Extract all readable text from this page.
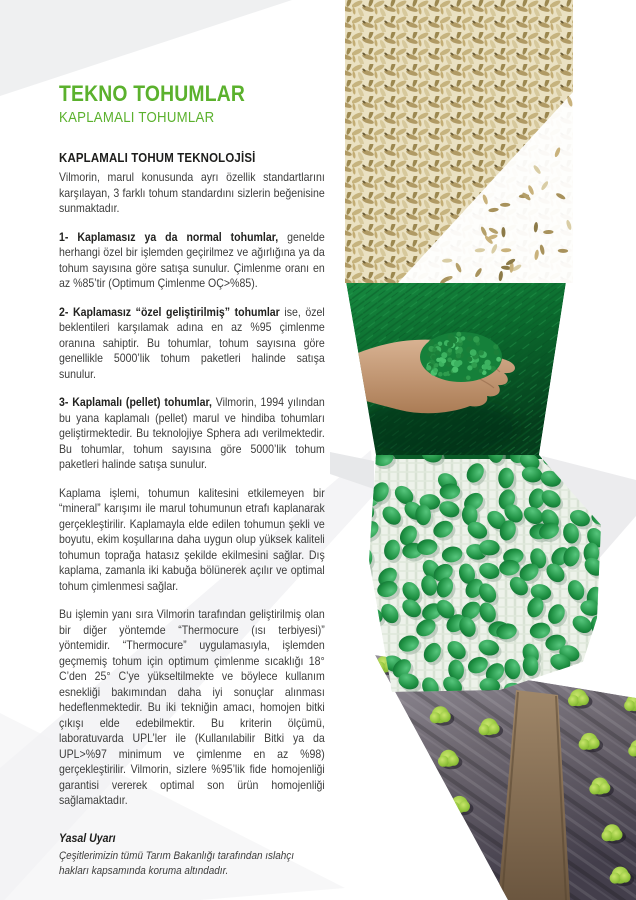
TEKNO TOHUMLAR
KAPLAMALI TOHUMLAR
KAPLAMALI TOHUM TEKNOLOJİSİ

Vilmorin, marul konusunda ayrı özellik standartlarını karşılayan, 3 farklı tohum standardını sizlerin beğenisine sunmaktadır.

1- Kaplamasız ya da normal tohumlar, genelde herhangi özel bir işlemden geçirilmez ve ağırlığına ya da tohum sayısına göre satışa sunulur. Çimlenme oranı en az %85’tir (Optimum Çimlenme OÇ>%85).

2- Kaplamasız “özel geliştirilmiş” tohumlar ise, özel beklentileri karşılamak adına en az %95 çimlenme oranına sahiptir. Bu tohumlar, tohum sayısına göre genellikle 5000’lik tohum paketleri halinde satışa sunulur.

3- Kaplamalı (pellet) tohumlar, Vilmorin, 1994 yılından bu yana kaplamalı (pellet) marul ve hindiba tohumları geliştirmektedir. Bu teknolojiye Sphera adı verilmektedir. Bu tohumlar, tohum sayısına göre 5000’lik tohum paketleri halinde satışa sunulur.

Kaplama işlemi, tohumun kalitesini etkilemeyen bir “mineral” karışımı ile marul tohumunun etrafı kaplanarak gerçekleştirilir. Kaplamayla elde edilen tohumun şekli ve boyutu, ekim koşullarına daha uygun olup yüksek kaliteli tohumun toprağa hatasız şekilde ekilmesini sağlar. Dış kaplama, zamanla iki kabuğa bölünerek açılır ve optimal tohum çimlenmesi sağlar.

Bu işlemin yanı sıra Vilmorin tarafından geliştirilmiş olan bir diğer yöntemde “Thermocure (ısı terbiyesi)” yöntemidir. “Thermocure” uygulamasıyla, işlemden geçmemiş tohum için optimum çimlenme sıcaklığı 18° C’den 25° C’ye yükseltilmekte ve böylece kullanım esnekliği bakımından daha iyi sonuçlar alınması hedeflenmektedir. Bu iki tekniğin amacı, homojen bitki çıkışı elde edebilmektir. Bu kriterin ölçümü, laboratuvarda UPL’ler ile (Kullanılabilir Bitki ya da UPL>%97 minimum ve çimlenme en az %98) gerçekleştirilir. Vilmorin, sizlere %95’lik fide homojenliği garantisi vererek optimal son ürün homojenliği sağlamaktadır.

Yasal Uyarı

Çeşitlerimizin tümü Tarım Bakanlığı tarafından ıslahçı hakları kapsamında koruma altındadır.
